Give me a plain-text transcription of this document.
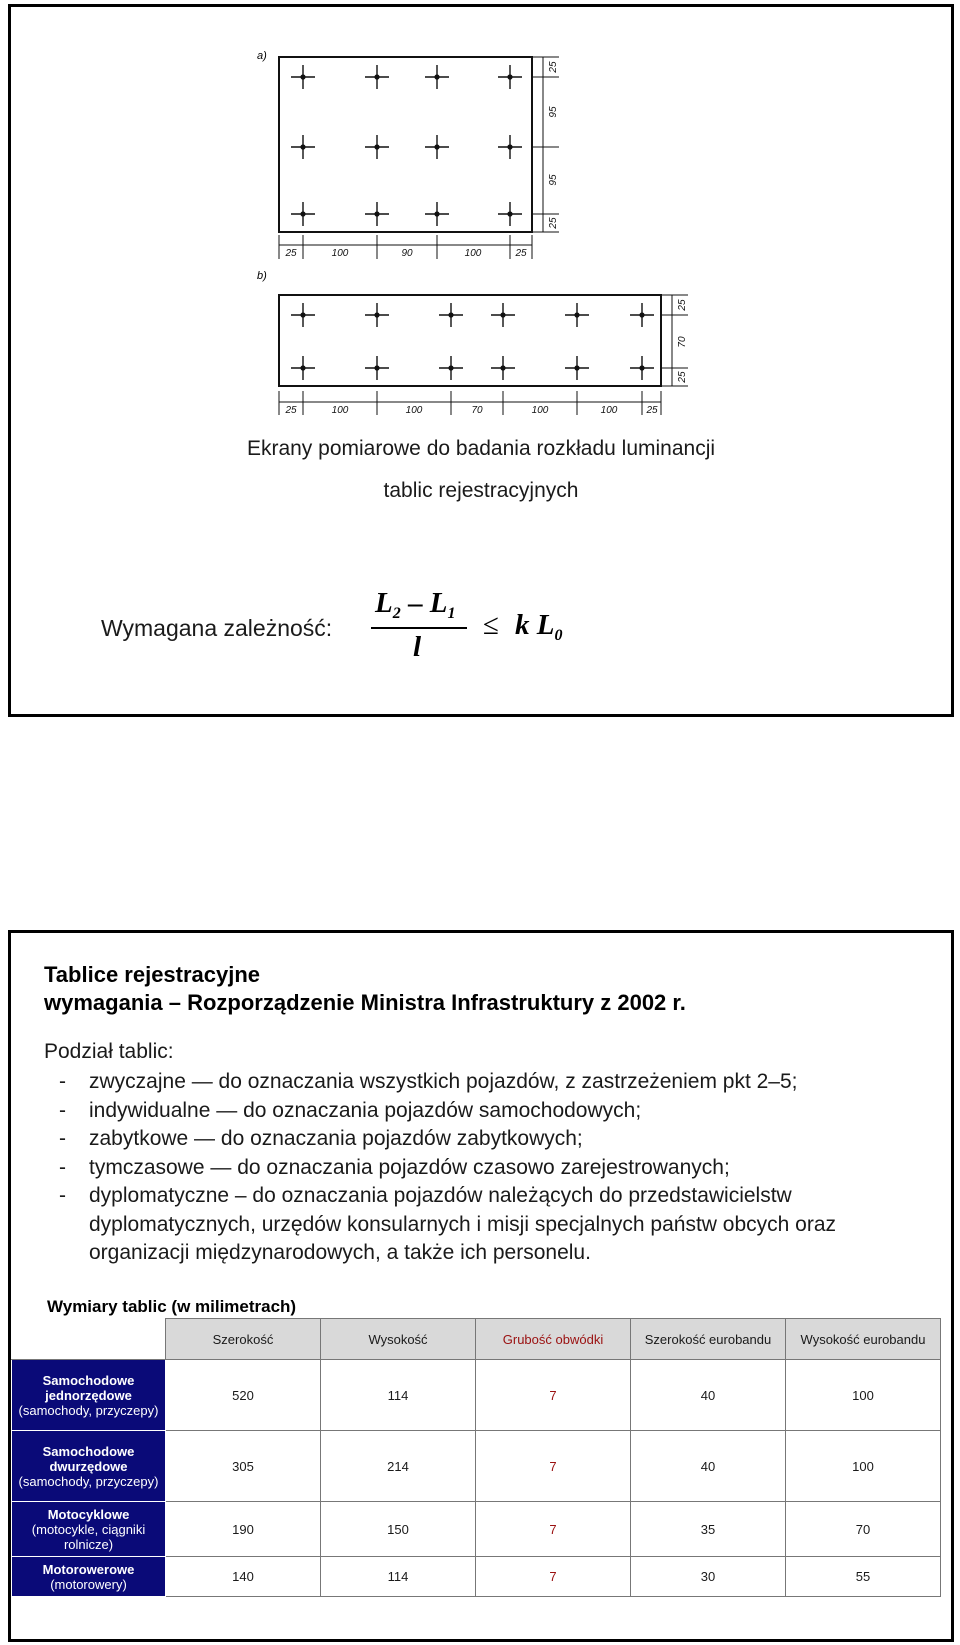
a)
25	100	90	100	25
25
95
95
25
b)
25	100	100	70	100	100	25
25
70
25
Ekrany pomiarowe do badania rozkładu luminancji
tablic rejestracyjnych
Wymagana zależność:
$L_2 - L_1$
l
≤ k $L_0$
Tablice rejestracyjne
wymagania – Rozporządzenie Ministra Infrastruktury z 2002 r.
Podział tablic:
- zwyczajne — do oznaczania wszystkich pojazdów, z zastrzeżeniem pkt 2–5;
- indywidualne — do oznaczania pojazdów samochodowych;
- zabytkowe — do oznaczania pojazdów zabytkowych;
- tymczasowe — do oznaczania pojazdów czasowo zarejestrowanych;
- dyplomatyczne – do oznaczania pojazdów należących do przedstawicielstw dyplomatycznych, urzędów konsularnych i misji specjalnych państw obcych oraz organizacji międzynarodowych, a także ich personelu.
Wymiary tablic (w milimetrach)
	Szerokość	Wysokość	Grubość obwódki	Szerokość eurobandu	Wysokość eurobandu

Samochodowe jednorzędowe
(samochody, przyczepy)	520	114	7	40	100

Samochodowe dwurzędowe
(samochody, przyczepy)	305	214	7	40	100

Motocyklowe
(motocykle, ciągniki rolnicze)	190	150	7	35	70

Motorowerowe
(motorowery)	140	114	7	30	55
